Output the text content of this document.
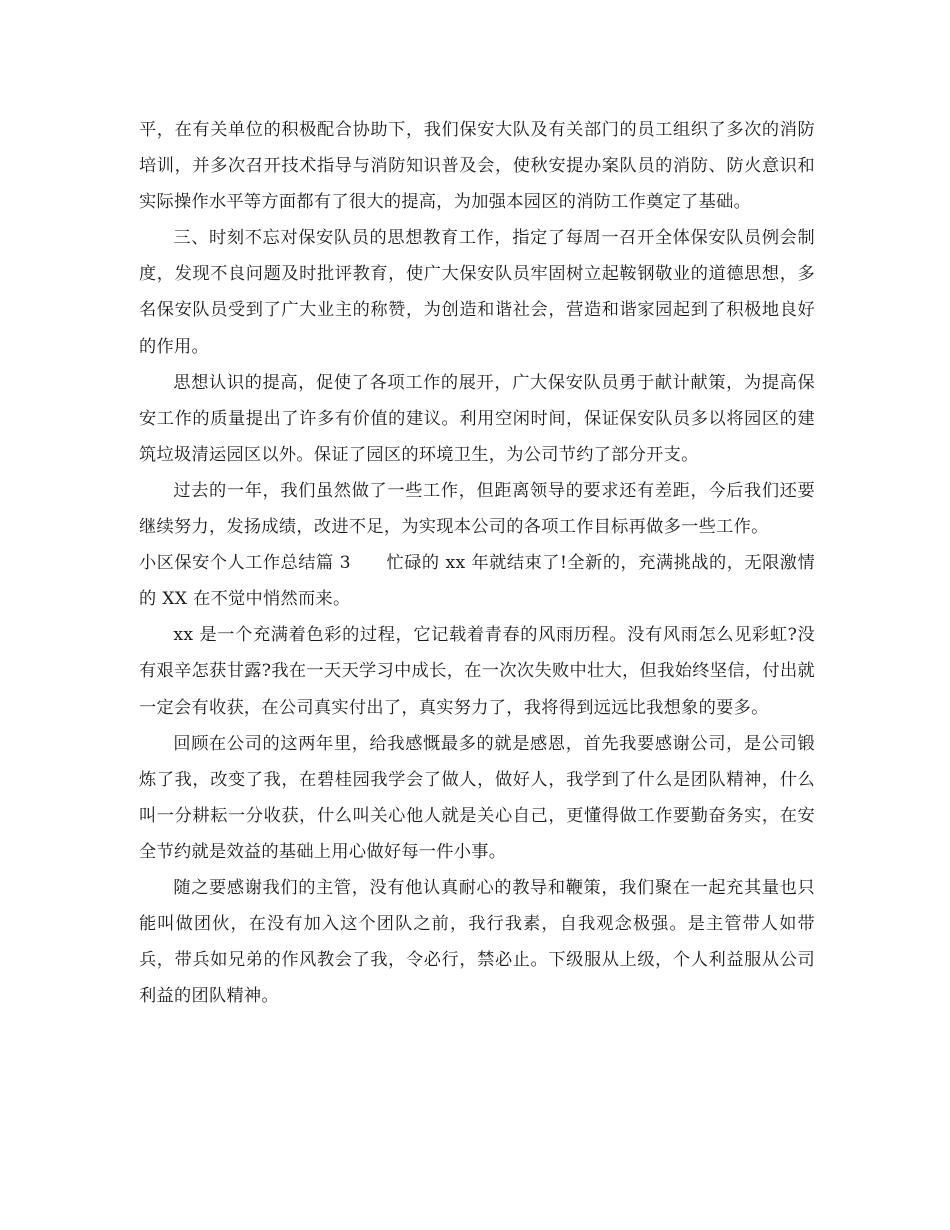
平，在有关单位的积极配合协助下，我们保安大队及有关部门的员工组织了多次的消防培训，并多次召开技术指导与消防知识普及会，使秋安提办案队员的消防、防火意识和实际操作水平等方面都有了很大的提高，为加强本园区的消防工作奠定了基础。

三、时刻不忘对保安队员的思想教育工作，指定了每周一召开全体保安队员例会制度，发现不良问题及时批评教育，使广大保安队员牢固树立起鞍钢敬业的道德思想，多名保安队员受到了广大业主的称赞，为创造和谐社会，营造和谐家园起到了积极地良好的作用。

思想认识的提高，促使了各项工作的展开，广大保安队员勇于献计献策，为提高保安工作的质量提出了许多有价值的建议。利用空闲时间，保证保安队员多以将园区的建筑垃圾清运园区以外。保证了园区的环境卫生，为公司节约了部分开支。

过去的一年，我们虽然做了一些工作，但距离领导的要求还有差距，今后我们还要继续努力，发扬成绩，改进不足，为实现本公司的各项工作目标再做多一些工作。

小区保安个人工作总结篇 3　　忙碌的 xx 年就结束了!全新的，充满挑战的，无限激情的 XX 在不觉中悄然而来。

xx 是一个充满着色彩的过程，它记载着青春的风雨历程。没有风雨怎么见彩虹?没有艰辛怎获甘露?我在一天天学习中成长，在一次次失败中壮大，但我始终坚信，付出就一定会有收获，在公司真实付出了，真实努力了，我将得到远远比我想象的要多。

回顾在公司的这两年里，给我感慨最多的就是感恩，首先我要感谢公司，是公司锻炼了我，改变了我，在碧桂园我学会了做人，做好人，我学到了什么是团队精神，什么叫一分耕耘一分收获，什么叫关心他人就是关心自己，更懂得做工作要勤奋务实，在安全节约就是效益的基础上用心做好每一件小事。

随之要感谢我们的主管，没有他认真耐心的教导和鞭策，我们聚在一起充其量也只能叫做团伙，在没有加入这个团队之前，我行我素，自我观念极强。是主管带人如带兵，带兵如兄弟的作风教会了我，令必行，禁必止。下级服从上级，个人利益服从公司利益的团队精神。
